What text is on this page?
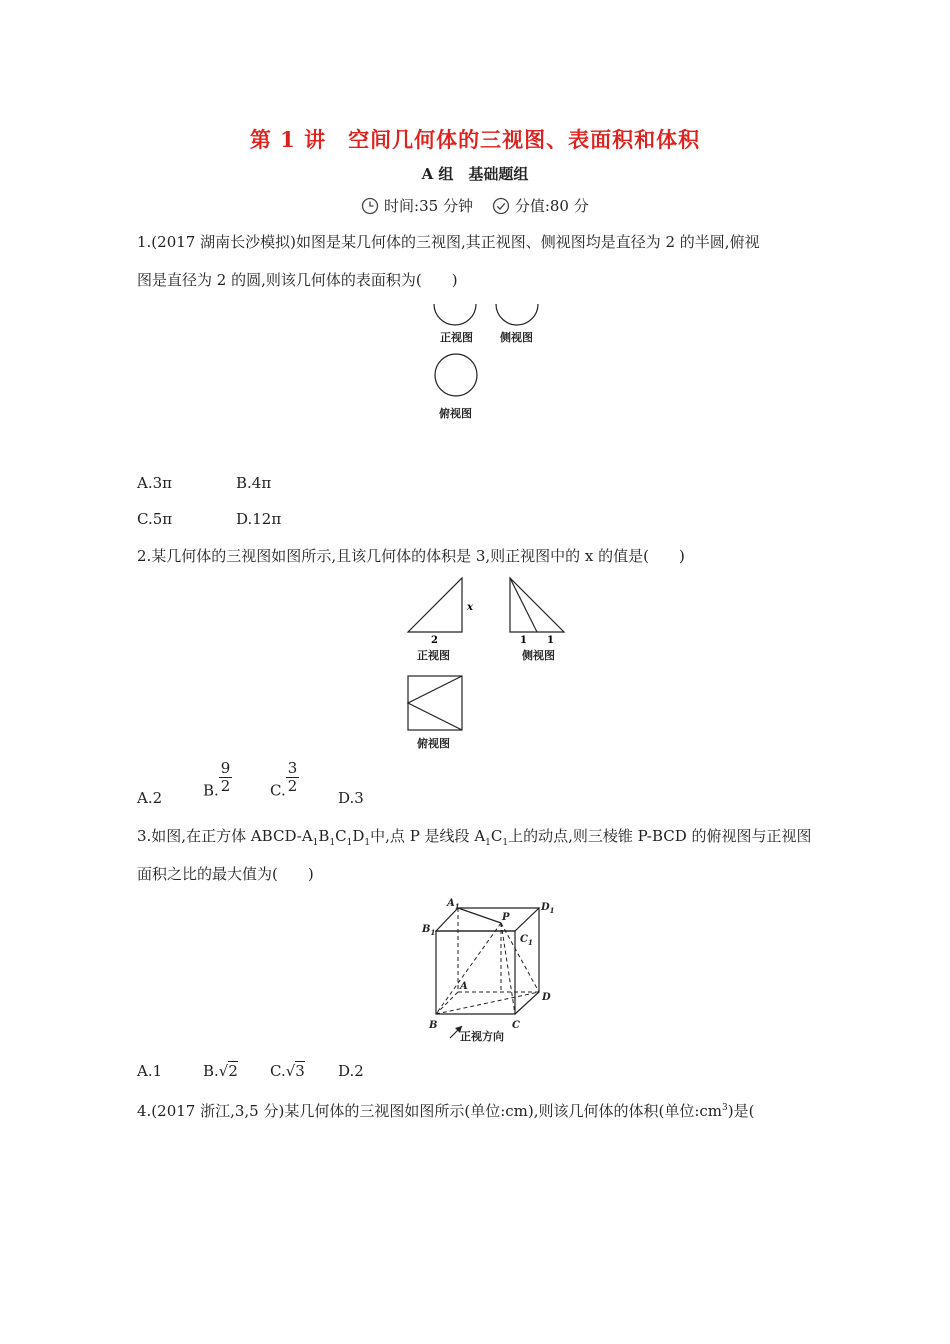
第 1 讲　空间几何体的三视图、表面积和体积
A 组　基础题组
时间:35 分钟	分值:80 分
1.(2017 湖南长沙模拟)如图是某几何体的三视图,其正视图、侧视图均是直径为 2 的半圆,俯视
图是直径为 2 的圆,则该几何体的表面积为(　　)
正视图 侧视图
俯视图
A.3π	B.4π
C.5π	D.12π
2.某几何体的三视图如图所示,且该几何体的体积是 3,则正视图中的 x 的值是(　　)
x
2	1 1
正视图	侧视图
俯视图
A.2	B. $\frac{9}{2}$	C. $\frac{3}{2}$
D.3
3.如图,在正方体 ABCD-$A_1B_1C_1D_1$中,点 P 是线段 $A_1C_1$上的动点,则三棱锥 P-BCD 的俯视图与正视图
面积之比的最大值为(　　)
$A_1$
$B_1$
$C_1$
$D_1$
P
A
B	C
D
正视方向
A.1	B.√2 C.√3 D.2
4.(2017 浙江,3,5 分)某几何体的三视图如图所示(单位:cm),则该几何体的体积(单位$:cm^3$)是(
